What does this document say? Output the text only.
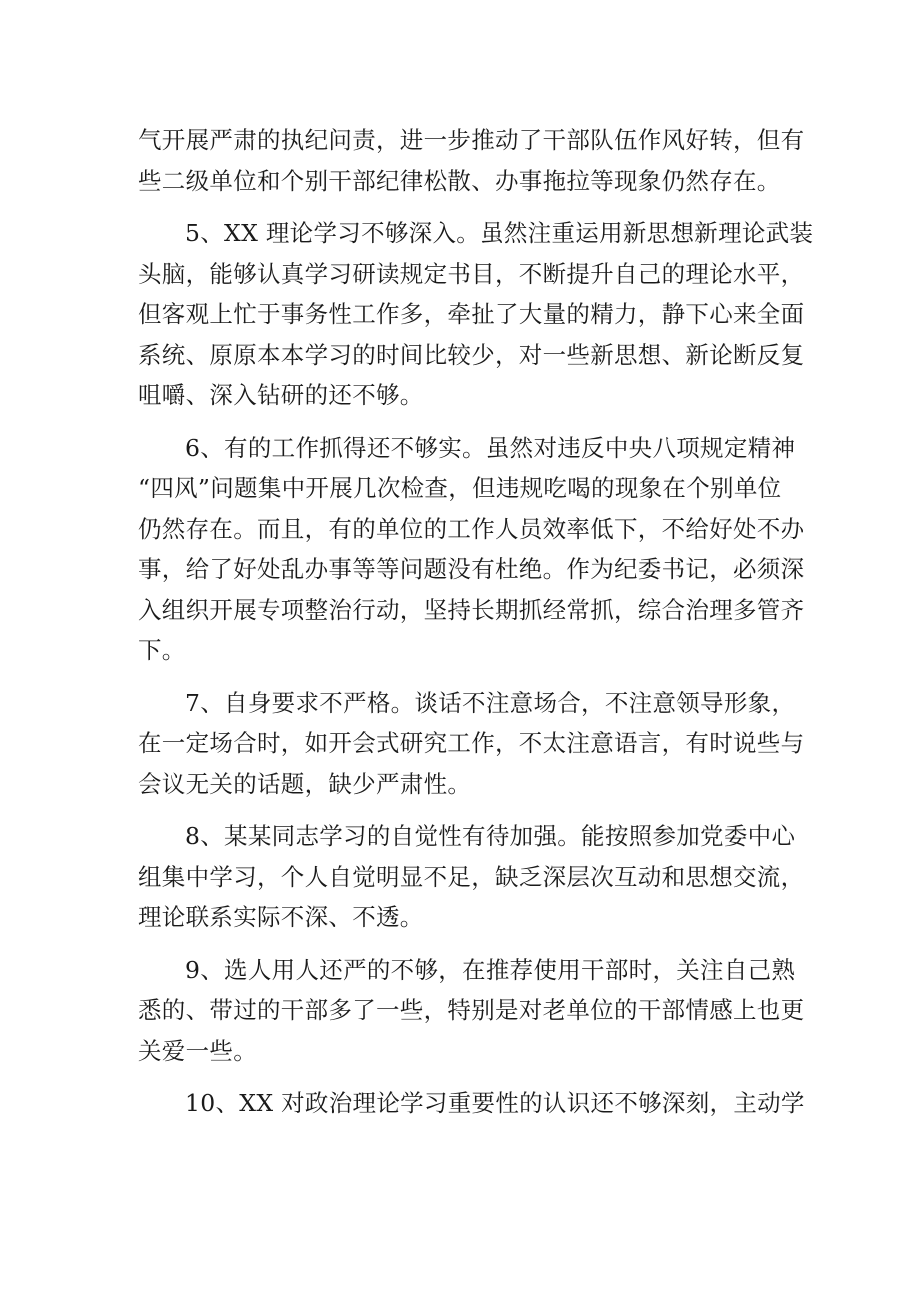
气开展严肃的执纪问责，进一步推动了干部队伍作风好转，但有
些二级单位和个别干部纪律松散、办事拖拉等现象仍然存在。

5、XX 理论学习不够深入。虽然注重运用新思想新理论武装
头脑，能够认真学习研读规定书目，不断提升自己的理论水平，
但客观上忙于事务性工作多，牵扯了大量的精力，静下心来全面
系统、原原本本学习的时间比较少，对一些新思想、新论断反复
咀嚼、深入钻研的还不够。

6、有的工作抓得还不够实。虽然对违反中央八项规定精神
“四风”问题集中开展几次检查，但违规吃喝的现象在个别单位
仍然存在。而且，有的单位的工作人员效率低下，不给好处不办
事，给了好处乱办事等等问题没有杜绝。作为纪委书记，必须深
入组织开展专项整治行动，坚持长期抓经常抓，综合治理多管齐
下。

7、自身要求不严格。谈话不注意场合，不注意领导形象，
在一定场合时，如开会式研究工作，不太注意语言，有时说些与
会议无关的话题，缺少严肃性。

8、某某同志学习的自觉性有待加强。能按照参加党委中心
组集中学习，个人自觉明显不足，缺乏深层次互动和思想交流，
理论联系实际不深、不透。

9、选人用人还严的不够，在推荐使用干部时，关注自己熟
悉的、带过的干部多了一些，特别是对老单位的干部情感上也更
关爱一些。

10、XX 对政治理论学习重要性的认识还不够深刻，主动学
